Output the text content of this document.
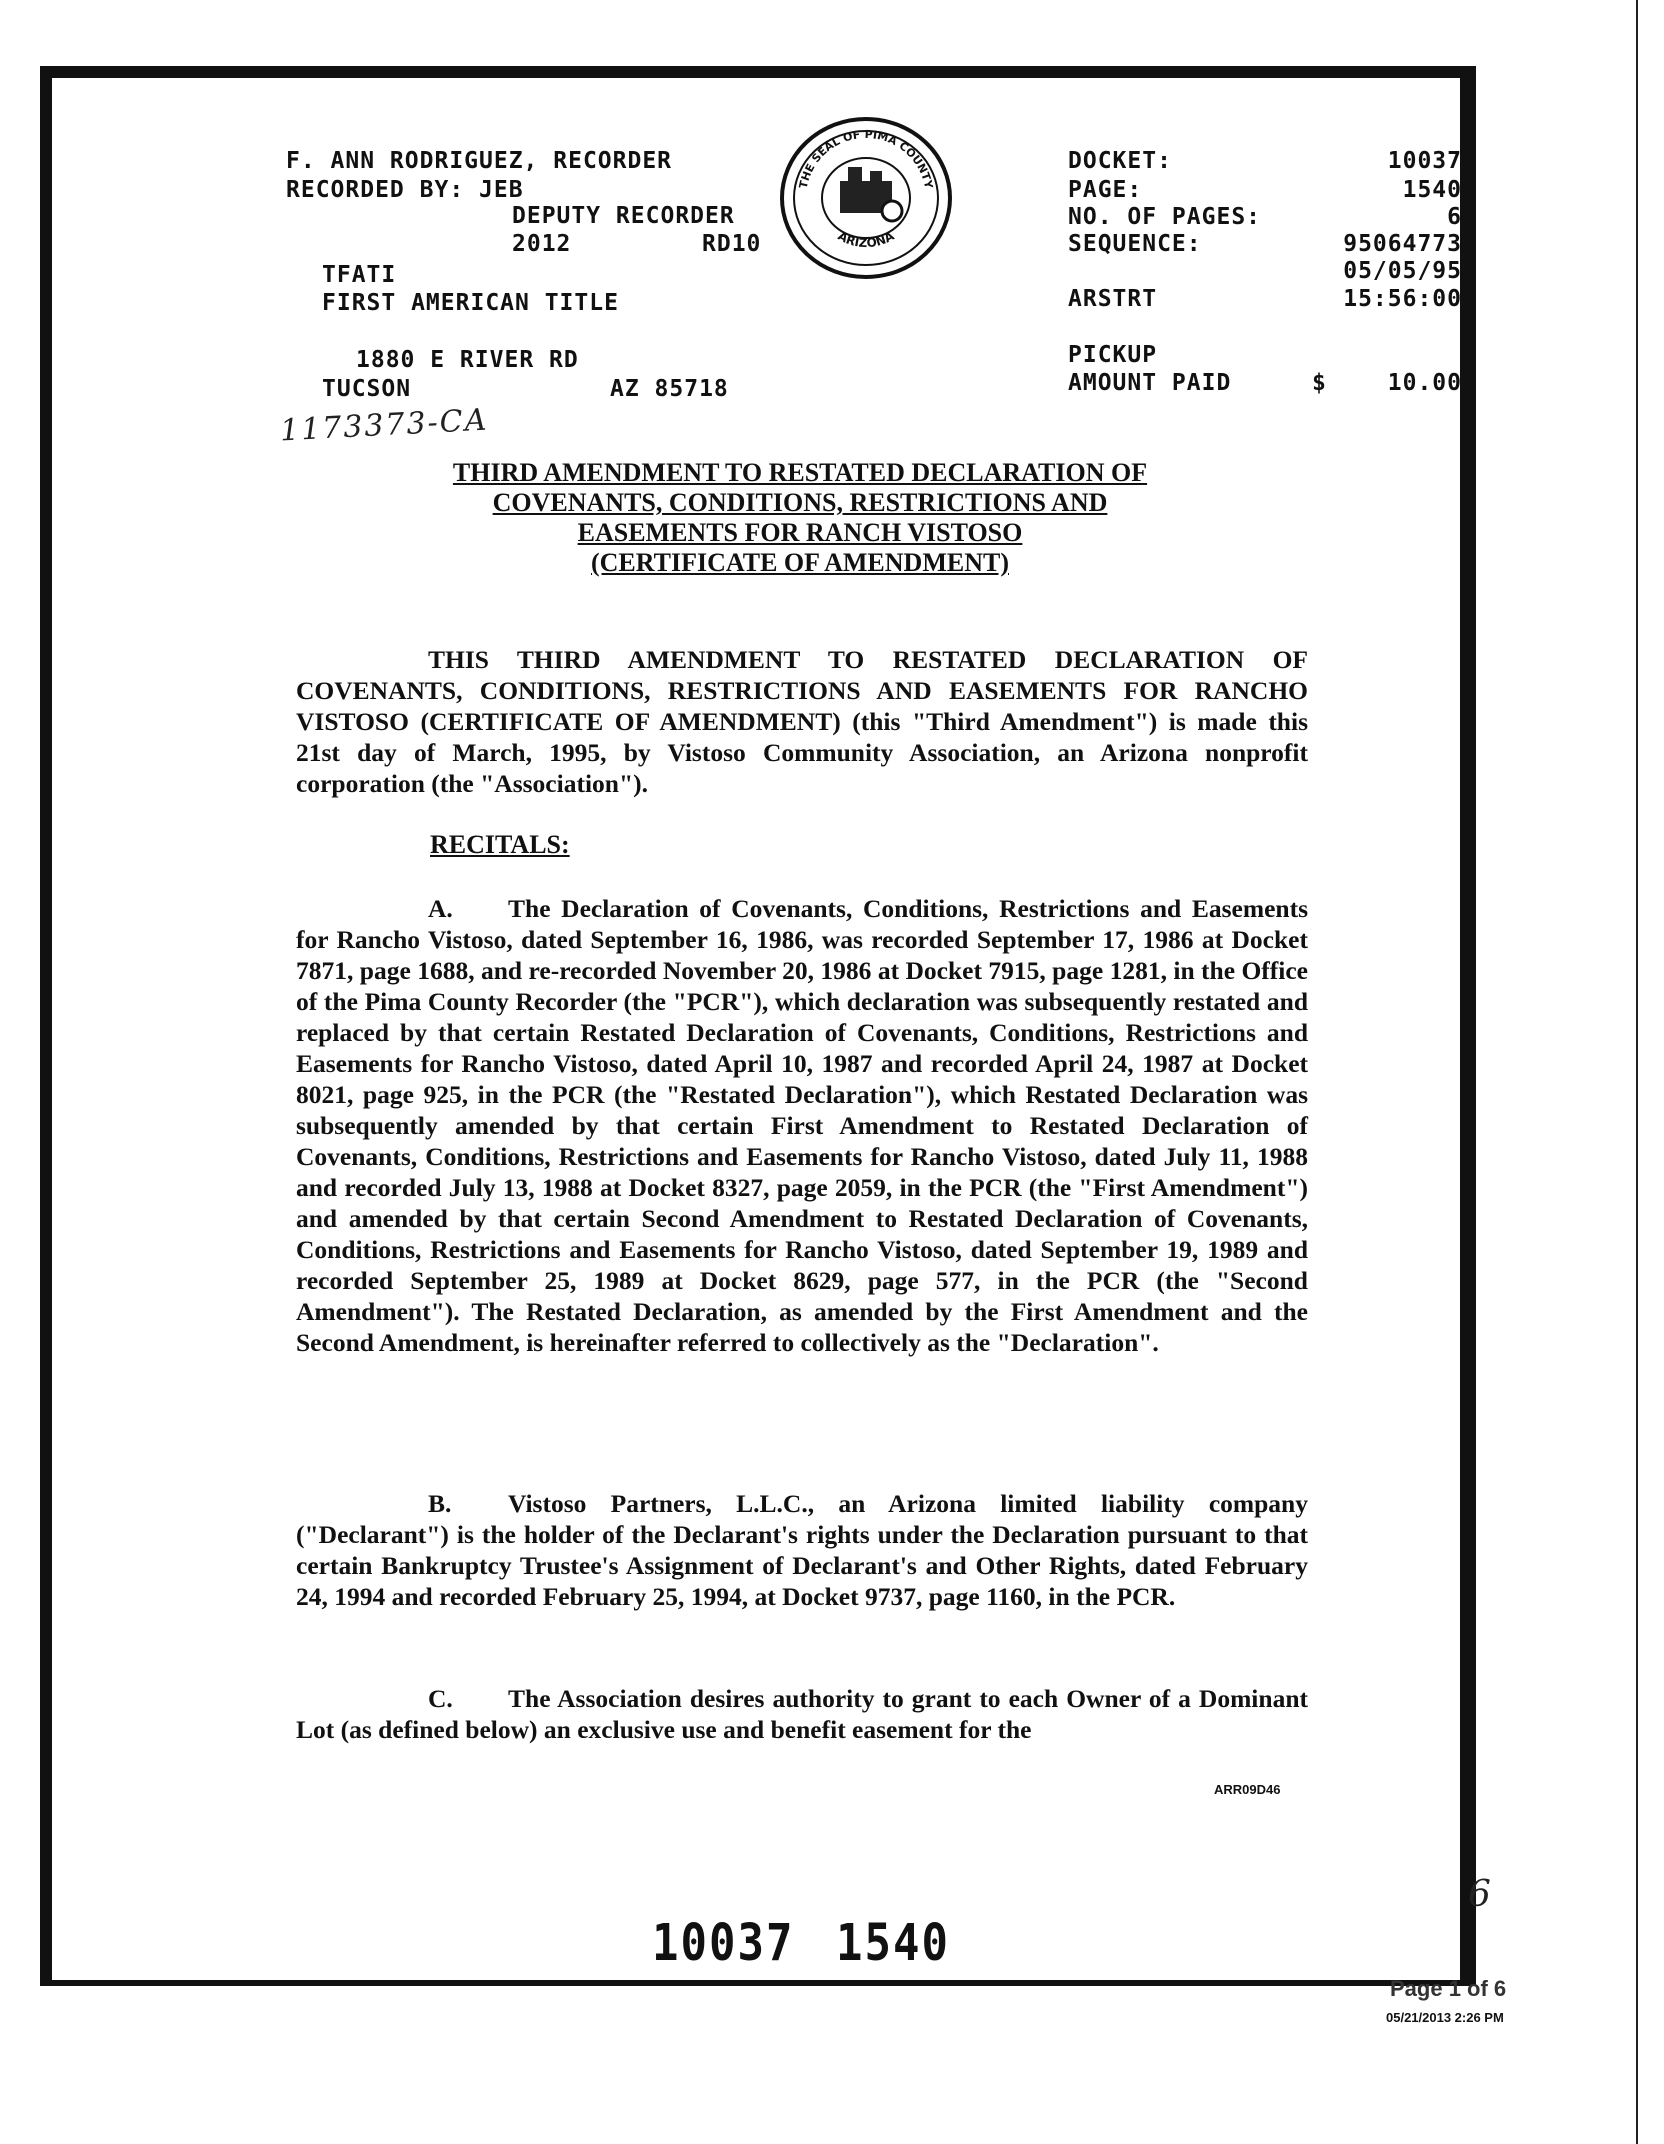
F. ANN RODRIGUEZ, RECORDER
RECORDED BY: JEB
DEPUTY RECORDER
2012	RD10
TFATI
FIRST AMERICAN TITLE
1880 E RIVER RD
TUCSON	AZ 85718
1173373-CA
THE SEAL OF PIMA COUNTY
ARIZONA
DOCKET:	10037
PAGE:	1540
NO. OF PAGES:	6
SEQUENCE:	95064773
05/05/95
ARSTRT	15:56:00
PICKUP
AMOUNT PAID	$	10.00
THIRD AMENDMENT TO RESTATED DECLARATION OF
COVENANTS, CONDITIONS, RESTRICTIONS AND
EASEMENTS FOR RANCH VISTOSO
(CERTIFICATE OF AMENDMENT)
THIS THIRD AMENDMENT TO RESTATED DECLARATION OF COVENANTS, CONDITIONS, RESTRICTIONS AND EASEMENTS FOR RANCHO VISTOSO (CERTIFICATE OF AMENDMENT) (this "Third Amendment") is made this 21st day of March, 1995, by Vistoso Community Association, an Arizona nonprofit corporation (the "Association").
RECITALS:
A. The Declaration of Covenants, Conditions, Restrictions and Easements for Rancho Vistoso, dated September 16, 1986, was recorded September 17, 1986 at Docket 7871, page 1688, and re-recorded November 20, 1986 at Docket 7915, page 1281, in the Office of the Pima County Recorder (the "PCR"), which declaration was subsequently restated and replaced by that certain Restated Declaration of Covenants, Conditions, Restrictions and Easements for Rancho Vistoso, dated April 10, 1987 and recorded April 24, 1987 at Docket 8021, page 925, in the PCR (the "Restated Declaration"), which Restated Declaration was subsequently amended by that certain First Amendment to Restated Declaration of Covenants, Conditions, Restrictions and Easements for Rancho Vistoso, dated July 11, 1988 and recorded July 13, 1988 at Docket 8327, page 2059, in the PCR (the "First Amendment") and amended by that certain Second Amendment to Restated Declaration of Covenants, Conditions, Restrictions and Easements for Rancho Vistoso, dated September 19, 1989 and recorded September 25, 1989 at Docket 8629, page 577, in the PCR (the "Second Amendment"). The Restated Declaration, as amended by the First Amendment and the Second Amendment, is hereinafter referred to collectively as the "Declaration".
B. Vistoso Partners, L.L.C., an Arizona limited liability company ("Declarant") is the holder of the Declarant's rights under the Declaration pursuant to that certain Bankruptcy Trustee's Assignment of Declarant's and Other Rights, dated February 24, 1994 and recorded February 25, 1994, at Docket 9737, page 1160, in the PCR.
C. The Association desires authority to grant to each Owner of a Dominant Lot (as defined below) an exclusive use and benefit easement for the
ARR09D46
6
10037 1540
Page 1 of 6
05/21/2013 2:26 PM
